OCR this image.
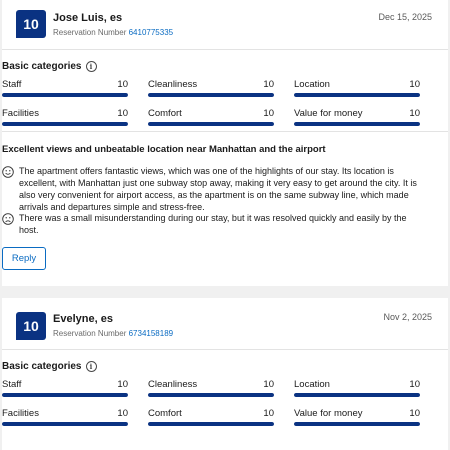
10	Jose Luis, es
Reservation Number 6410775335
Dec 15, 2025
Basic categories	i
Staff	10 Cleanliness	10 Location	10
Facilities	10 Comfort	10 Value for money	10
Excellent views and unbeatable location near Manhattan and the airport
The apartment offers fantastic views, which was one of the highlights of our stay. Its location is excellent, with Manhattan just one subway stop away, making it very easy to get around the city. It is also very convenient for airport access, as the apartment is on the same subway line, which made arrivals and departures simple and stress-free.
There was a small misunderstanding during our stay, but it was resolved quickly and easily by the host.
Reply
10	Evelyne, es
Reservation Number 6734158189
Nov 2, 2025
Basic categories	i
Staff	10 Cleanliness	10 Location	10
Facilities	10 Comfort	10 Value for money	10
